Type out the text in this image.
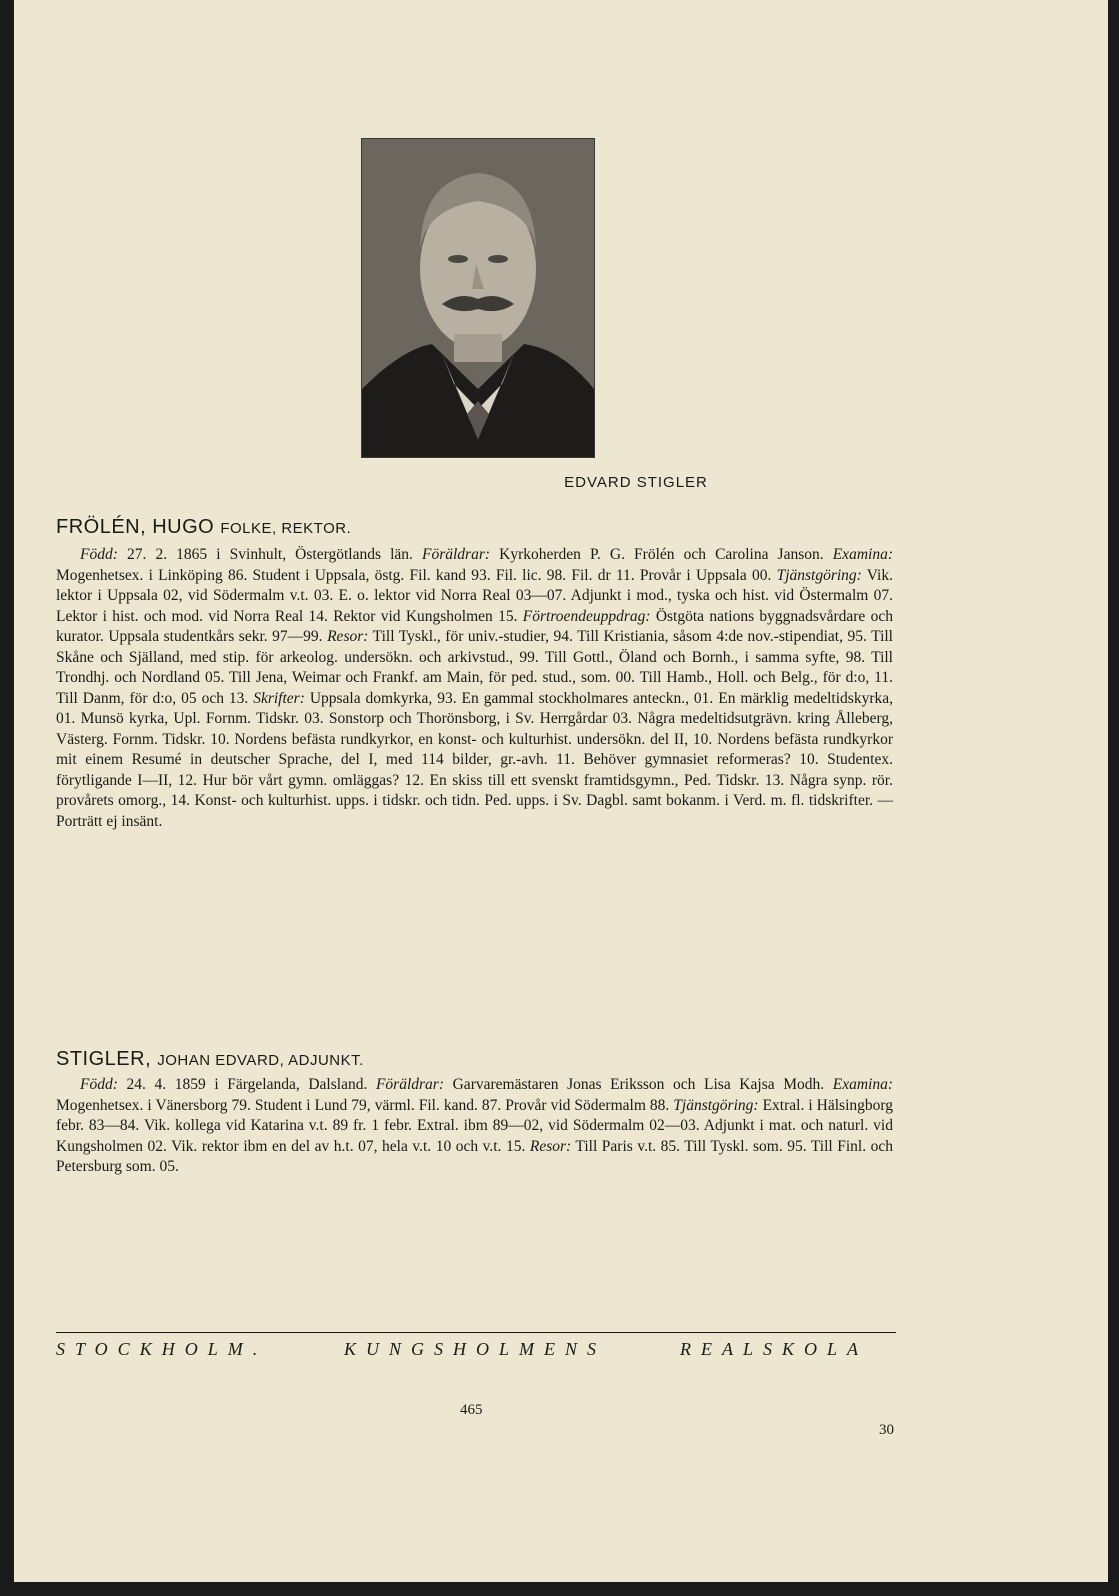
EDVARD STIGLER
FRÖLÉN, HUGO FOLKE, REKTOR.
Född: 27. 2. 1865 i Svinhult, Östergötlands län. Föräldrar: Kyrkoherden P. G. Frölén och Carolina Janson. Examina: Mogenhetsex. i Linköping 86. Student i Uppsala, östg. Fil. kand 93. Fil. lic. 98. Fil. dr 11. Provår i Uppsala 00. Tjänstgöring: Vik. lektor i Uppsala 02, vid Södermalm v.t. 03. E. o. lektor vid Norra Real 03—07. Adjunkt i mod., tyska och hist. vid Östermalm 07. Lektor i hist. och mod. vid Norra Real 14. Rektor vid Kungsholmen 15. Förtroendeuppdrag: Östgöta nations byggnadsvårdare och kurator. Uppsala studentkårs sekr. 97—99. Resor: Till Tyskl., för univ.-studier, 94. Till Kristiania, såsom 4:de nov.-stipendiat, 95. Till Skåne och Själland, med stip. för arkeolog. undersökn. och arkivstud., 99. Till Gottl., Öland och Bornh., i samma syfte, 98. Till Trondhj. och Nordland 05. Till Jena, Weimar och Frankf. am Main, för ped. stud., som. 00. Till Hamb., Holl. och Belg., för d:o, 11. Till Danm, för d:o, 05 och 13. Skrifter: Uppsala domkyrka, 93. En gammal stockholmares anteckn., 01. En märklig medeltidskyrka, 01. Munsö kyrka, Upl. Fornm. Tidskr. 03. Sonstorp och Thorönsborg, i Sv. Herrgårdar 03. Några medeltidsutgrävn. kring Ålleberg, Västerg. Fornm. Tidskr. 10. Nordens befästa rundkyrkor, en konst- och kulturhist. undersökn. del II, 10. Nordens befästa rundkyrkor mit einem Resumé in deutscher Sprache, del I, med 114 bilder, gr.-avh. 11. Behöver gymnasiet reformeras? 10. Studentex. förytligande I—II, 12. Hur bör vårt gymn. omläggas? 12. En skiss till ett svenskt framtidsgymn., Ped. Tidskr. 13. Några synp. rör. provårets omorg., 14. Konst- och kulturhist. upps. i tidskr. och tidn. Ped. upps. i Sv. Dagbl. samt bokanm. i Verd. m. fl. tidskrifter. — Porträtt ej insänt.
STIGLER, JOHAN EDVARD, ADJUNKT.
Född: 24. 4. 1859 i Färgelanda, Dalsland. Föräldrar: Garvaremästaren Jonas Eriksson och Lisa Kajsa Modh. Examina: Mogenhetsex. i Vänersborg 79. Student i Lund 79, värml. Fil. kand. 87. Provår vid Södermalm 88. Tjänstgöring: Extral. i Hälsingborg febr. 83—84. Vik. kollega vid Katarina v.t. 89 fr. 1 febr. Extral. ibm 89—02, vid Södermalm 02—03. Adjunkt i mat. och naturl. vid Kungsholmen 02. Vik. rektor ibm en del av h.t. 07, hela v.t. 10 och v.t. 15. Resor: Till Paris v.t. 85. Till Tyskl. som. 95. Till Finl. och Petersburg som. 05.
STOCKHOLM.	KUNGSHOLMENS	REALSKOLA
465
30
